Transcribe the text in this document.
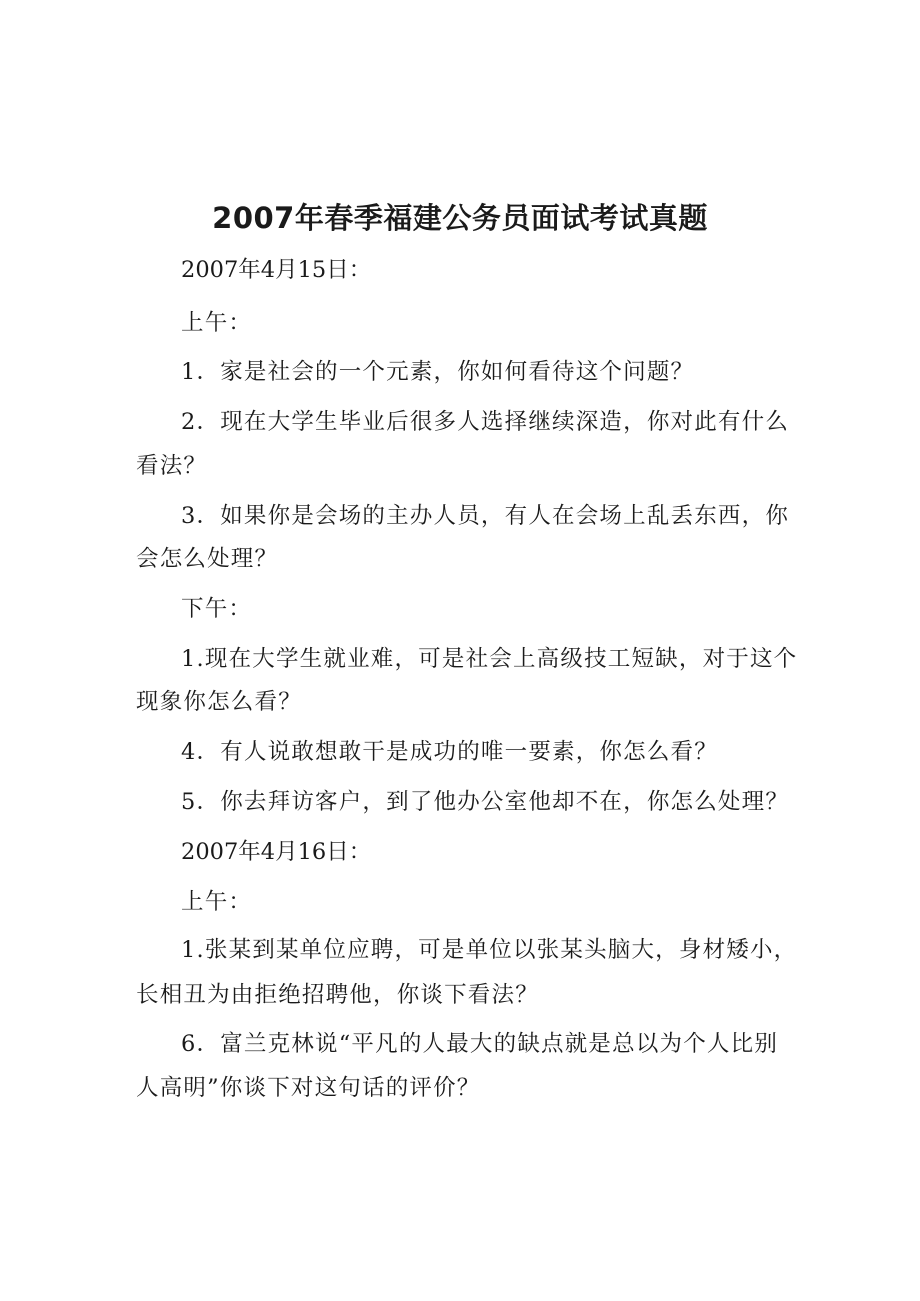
2007年春季福建公务员面试考试真题

2007年4月15日：

上午：

1．家是社会的一个元素，你如何看待这个问题？

2．现在大学生毕业后很多人选择继续深造，你对此有什么

看法？

3．如果你是会场的主办人员，有人在会场上乱丢东西，你

会怎么处理？

下午：

1.现在大学生就业难，可是社会上高级技工短缺，对于这个

现象你怎么看？

4．有人说敢想敢干是成功的唯一要素，你怎么看？

5．你去拜访客户，到了他办公室他却不在，你怎么处理？

2007年4月16日：

上午：

1.张某到某单位应聘，可是单位以张某头脑大，身材矮小，

长相丑为由拒绝招聘他，你谈下看法？

6．富兰克林说“平凡的人最大的缺点就是总以为个人比别

人高明”你谈下对这句话的评价？
